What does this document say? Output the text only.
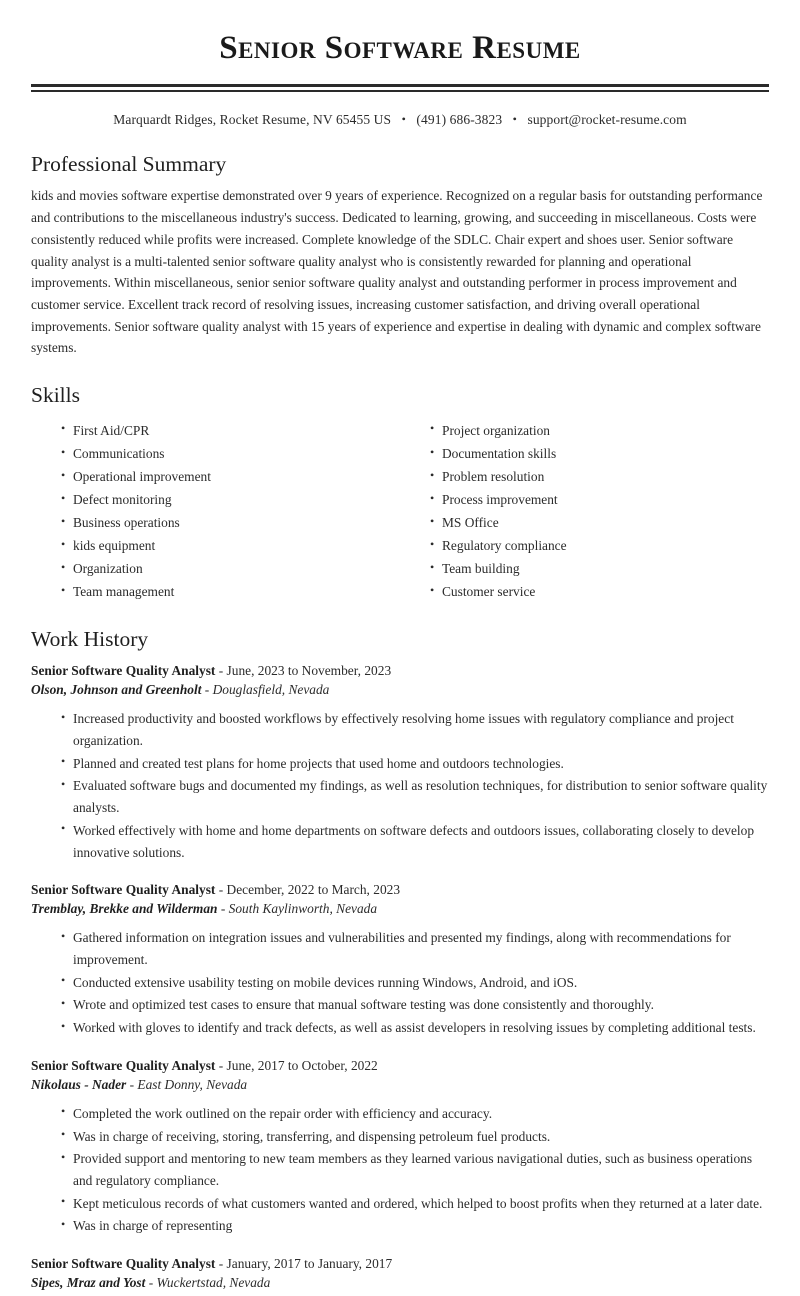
Senior Software Resume
Marquardt Ridges, Rocket Resume, NV 65455 US • (491) 686-3823 • support@rocket-resume.com
Professional Summary

kids and movies software expertise demonstrated over 9 years of experience. Recognized on a regular basis for outstanding performance and contributions to the miscellaneous industry's success. Dedicated to learning, growing, and succeeding in miscellaneous. Costs were consistently reduced while profits were increased. Complete knowledge of the SDLC. Chair expert and shoes user. Senior software quality analyst is a multi-talented senior software quality analyst who is consistently rewarded for planning and operational improvements. Within miscellaneous, senior senior software quality analyst and outstanding performer in process improvement and customer service. Excellent track record of resolving issues, increasing customer satisfaction, and driving overall operational improvements. Senior software quality analyst with 15 years of experience and expertise in dealing with dynamic and complex software systems.

Skills
• First Aid/CPR
• Communications
• Operational improvement
• Defect monitoring
• Business operations
• kids equipment
• Organization
• Team management
• Project organization
• Documentation skills
• Problem resolution
• Process improvement
• MS Office
• Regulatory compliance
• Team building
• Customer service
Work History
Senior Software Quality Analyst - June, 2023 to November, 2023
Olson, Johnson and Greenholt - Douglasfield, Nevada
• Increased productivity and boosted workflows by effectively resolving home issues with regulatory compliance and project organization.
• Planned and created test plans for home projects that used home and outdoors technologies.
• Evaluated software bugs and documented my findings, as well as resolution techniques, for distribution to senior software quality analysts.
• Worked effectively with home and home departments on software defects and outdoors issues, collaborating closely to develop innovative solutions.
Senior Software Quality Analyst - December, 2022 to March, 2023
Tremblay, Brekke and Wilderman - South Kaylinworth, Nevada
• Gathered information on integration issues and vulnerabilities and presented my findings, along with recommendations for improvement.
• Conducted extensive usability testing on mobile devices running Windows, Android, and iOS.
• Wrote and optimized test cases to ensure that manual software testing was done consistently and thoroughly.
• Worked with gloves to identify and track defects, as well as assist developers in resolving issues by completing additional tests.
Senior Software Quality Analyst - June, 2017 to October, 2022
Nikolaus - Nader - East Donny, Nevada
• Completed the work outlined on the repair order with efficiency and accuracy.
• Was in charge of receiving, storing, transferring, and dispensing petroleum fuel products.
• Provided support and mentoring to new team members as they learned various navigational duties, such as business operations and regulatory compliance.
• Kept meticulous records of what customers wanted and ordered, which helped to boost profits when they returned at a later date.
• Was in charge of representing
Senior Software Quality Analyst - January, 2017 to January, 2017
Sipes, Mraz and Yost - Wuckertstad, Nevada
